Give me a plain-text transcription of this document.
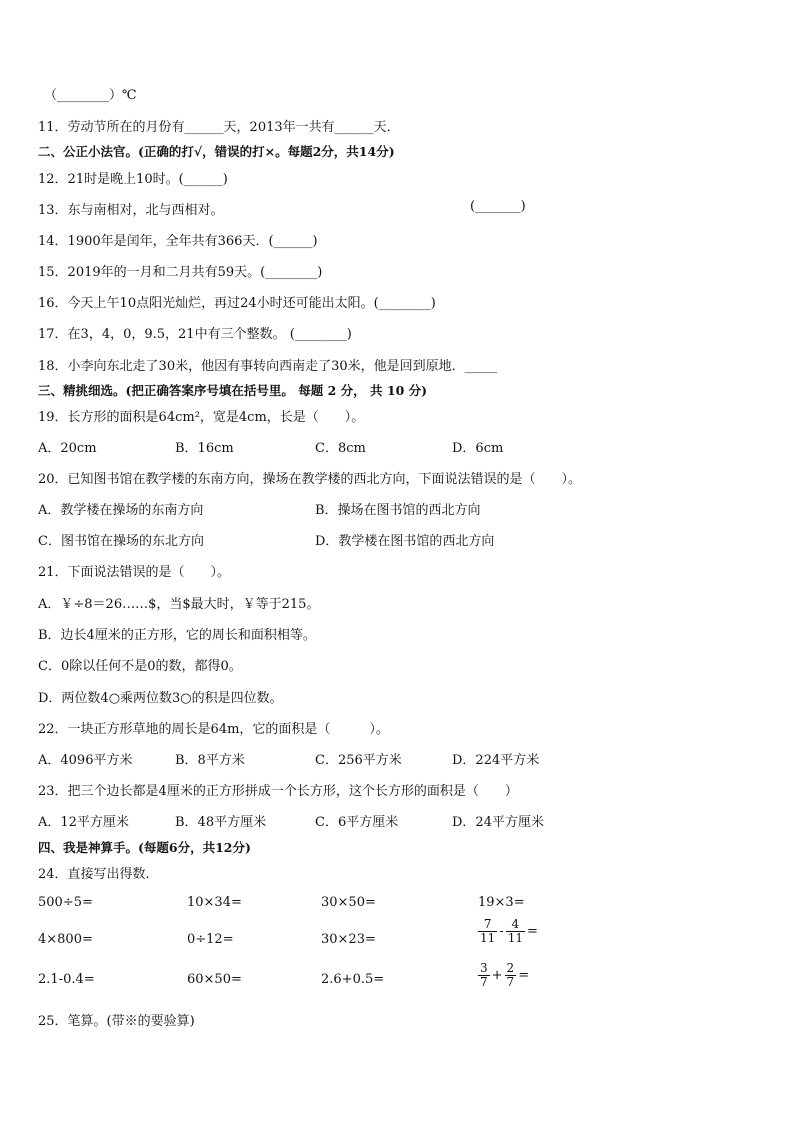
（________）℃
11．劳动节所在的月份有______天，2013年一共有______天．
二、公正小法官。(正确的打√，错误的打×。每题2分，共14分)
12．21时是晚上10时。(______)
13．东与南相对，北与西相对。	(_______)
14．1900年是闰年，全年共有366天．(______)
15．2019年的一月和二月共有59天。(________)
16．今天上午10点阳光灿烂，再过24小时还可能出太阳。(________)
17．在3，4，0，9.5，21中有三个整数。 (________)
18．小李向东北走了30米，他因有事转向西南走了30米，他是回到原地．_____
三、精挑细选。(把正确答案序号填在括号里。 每题 2 分， 共 10 分)
19．长方形的面积是64cm²，宽是4cm，长是（　　）。
A．20cm	B．16cm	C．8cm	D．6cm
20．已知图书馆在教学楼的东南方向，操场在教学楼的西北方向，下面说法错误的是（　　）。
A．教学楼在操场的东南方向	B．操场在图书馆的西北方向
C．图书馆在操场的东北方向	D．教学楼在图书馆的西北方向
21．下面说法错误的是（　　）。
A．￥÷8＝26……$，当$最大时，￥等于215。
B．边长4厘米的正方形，它的周长和面积相等。
C．0除以任何不是0的数，都得0。
D．两位数4○乘两位数3○的积是四位数。
22．一块正方形草地的周长是64m，它的面积是（　　　）。
A．4096平方米	B．8平方米	C．256平方米	D．224平方米
23．把三个边长都是4厘米的正方形拼成一个长方形，这个长方形的面积是（　　）
A．12平方厘米	B．48平方厘米	C．6平方厘米	D．24平方厘米
四、我是神算手。(每题6分，共12分)
24．直接写出得数.
500÷5=	10×34=	30×50=	19×3=
4×800=	0÷12=	30×23=	$\frac{7}{11} - \frac{4}{11}$ =
2.1-0.4=	60×50=	2.6+0.5=	$\frac{3}{7} + \frac{2}{7}$ =
25．笔算。(带※的要验算)
